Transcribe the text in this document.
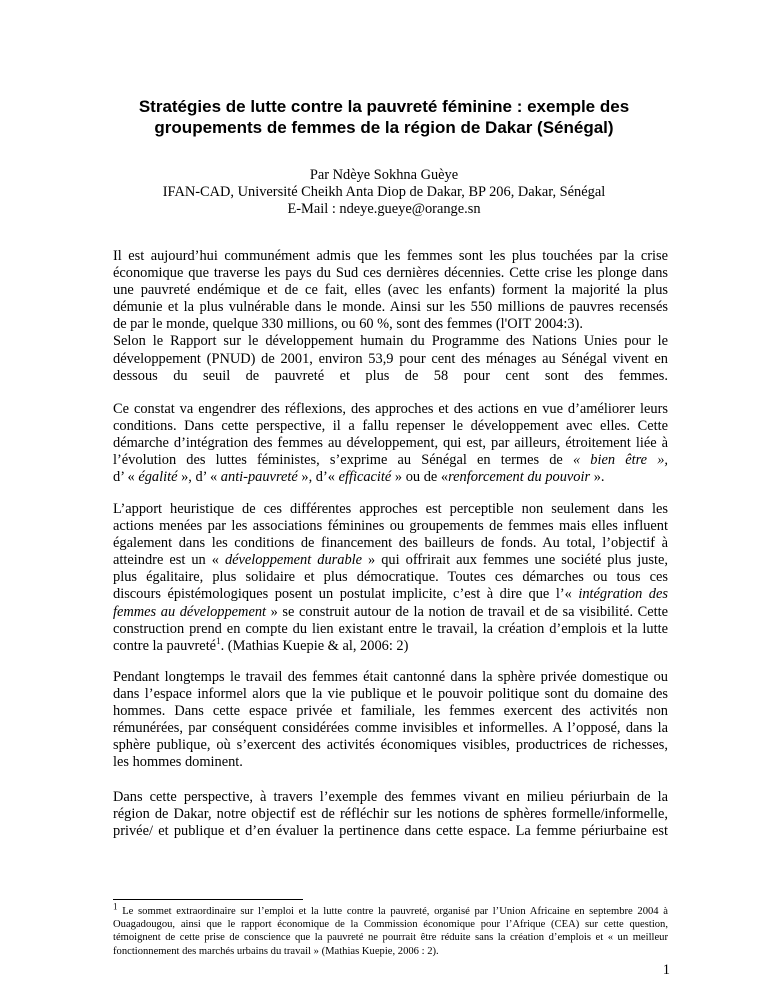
Stratégies de lutte contre la pauvreté féminine : exemple des
groupements de femmes de la région de Dakar (Sénégal)
Par Ndèye Sokhna Guèye
IFAN-CAD, Université Cheikh Anta Diop de Dakar, BP 206, Dakar, Sénégal
E-Mail : ndeye.gueye@orange.sn
Il est aujourd’hui communément admis que les femmes sont les plus touchées par la crise
économique que traverse les pays du Sud ces dernières décennies. Cette crise les plonge dans
une pauvreté endémique et de ce fait, elles (avec les enfants) forment la majorité la plus
démunie et la plus vulnérable dans le monde. Ainsi sur les 550 millions de pauvres recensés
de par le monde, quelque 330 millions, ou 60 %, sont des femmes (l'OIT 2004:3).
Selon le Rapport sur le développement humain du Programme des Nations Unies pour le
développement (PNUD) de 2001, environ 53,9 pour cent des ménages au Sénégal vivent en
dessous du seuil de pauvreté et plus de 58 pour cent sont des femmes.
Ce constat va engendrer des réflexions, des approches et des actions en vue d’améliorer leurs
conditions. Dans cette perspective, il a fallu repenser le développement avec elles. Cette
démarche d’intégration des femmes au développement, qui est, par ailleurs, étroitement liée à
l’évolution des luttes féministes, s’exprime au Sénégal en termes de « bien être »,
d’ « égalité », d’ « anti-pauvreté », d’« efficacité » ou de «renforcement du pouvoir ».
L’apport heuristique de ces différentes approches est perceptible non seulement dans les
actions menées par les associations féminines ou groupements de femmes mais elles influent
également dans les conditions de financement des bailleurs de fonds. Au total, l’objectif à
atteindre est un « développement durable » qui offrirait aux femmes une société plus juste,
plus égalitaire, plus solidaire et plus démocratique. Toutes ces démarches ou tous ces
discours épistémologiques posent un postulat implicite, c’est à dire que l’« intégration des
femmes au développement » se construit autour de la notion de travail et de sa visibilité. Cette
construction prend en compte du lien existant entre le travail, la création d’emplois et la lutte
contre la pauvreté$^1$. (Mathias Kuepie & al, 2006: 2)
Pendant longtemps le travail des femmes était cantonné dans la sphère privée domestique ou
dans l’espace informel alors que la vie publique et le pouvoir politique sont du domaine des
hommes. Dans cette espace privée et familiale, les femmes exercent des activités non
rémunérées, par conséquent considérées comme invisibles et informelles. A l’opposé, dans la
sphère publique, où s’exercent des activités économiques visibles, productrices de richesses,
les hommes dominent.
Dans cette perspective, à travers l’exemple des femmes vivant en milieu périurbain de la
région de Dakar, notre objectif est de réfléchir sur les notions de sphères formelle/informelle,
privée/ et publique et d’en évaluer la pertinence dans cette espace. La femme périurbaine est

$^1$ Le sommet extraordinaire sur l’emploi et la lutte contre la pauvreté, organisé par l’Union Africaine en septembre 2004 à Ouagadougou, ainsi que le rapport économique de la Commission économique pour l’Afrique (CEA) sur cette question, témoignent de cette prise de conscience que la pauvreté ne pourrait être réduite sans la création d’emplois et « un meilleur fonctionnement des marchés urbains du travail » (Mathias Kuepie, 2006 : 2).

1
